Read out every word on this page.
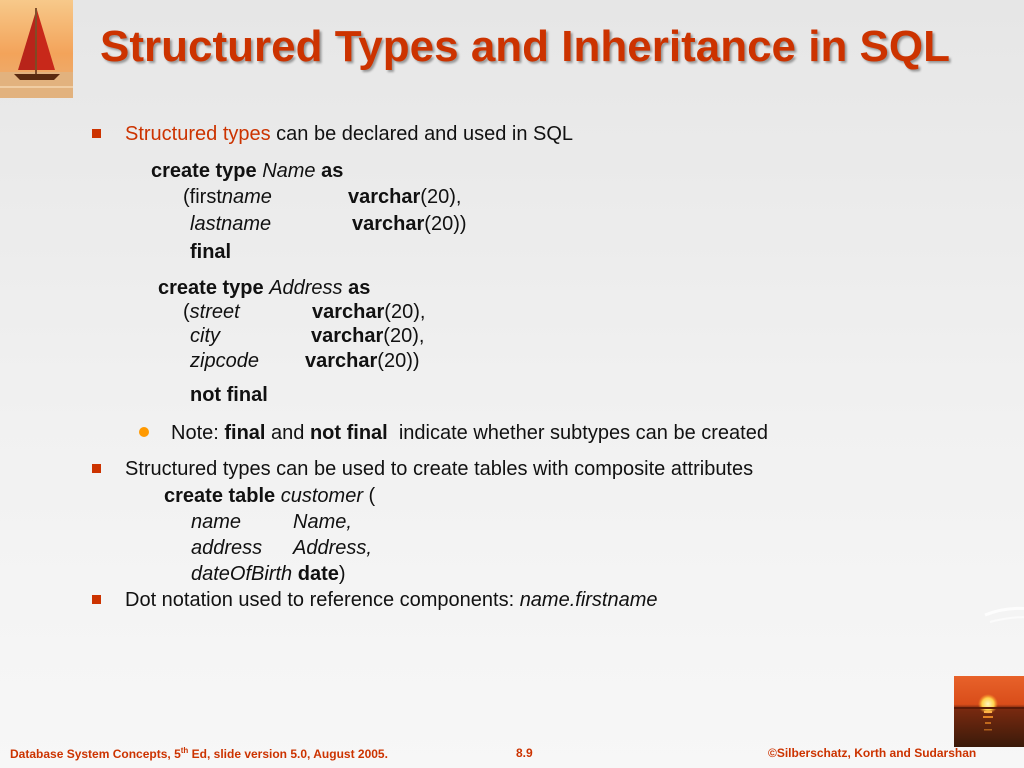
Structured Types and Inheritance in SQL
Structured types can be declared and used in SQL
create type Name as
(firstname	varchar(20),
lastname	varchar(20))
final
create type Address as
(street	varchar(20),
city	varchar(20),
zipcode varchar(20))
not final
Note: final and not final  indicate whether subtypes can be created
Structured types can be used to create tables with composite attributes
create table customer (
name	Name,
address Address,
dateOfBirth date)
Dot notation used to reference components: name.firstname
Database System Concepts, 5th Ed, slide version 5.0, August 2005.	8.9	©Silberschatz, Korth and Sudarshan
